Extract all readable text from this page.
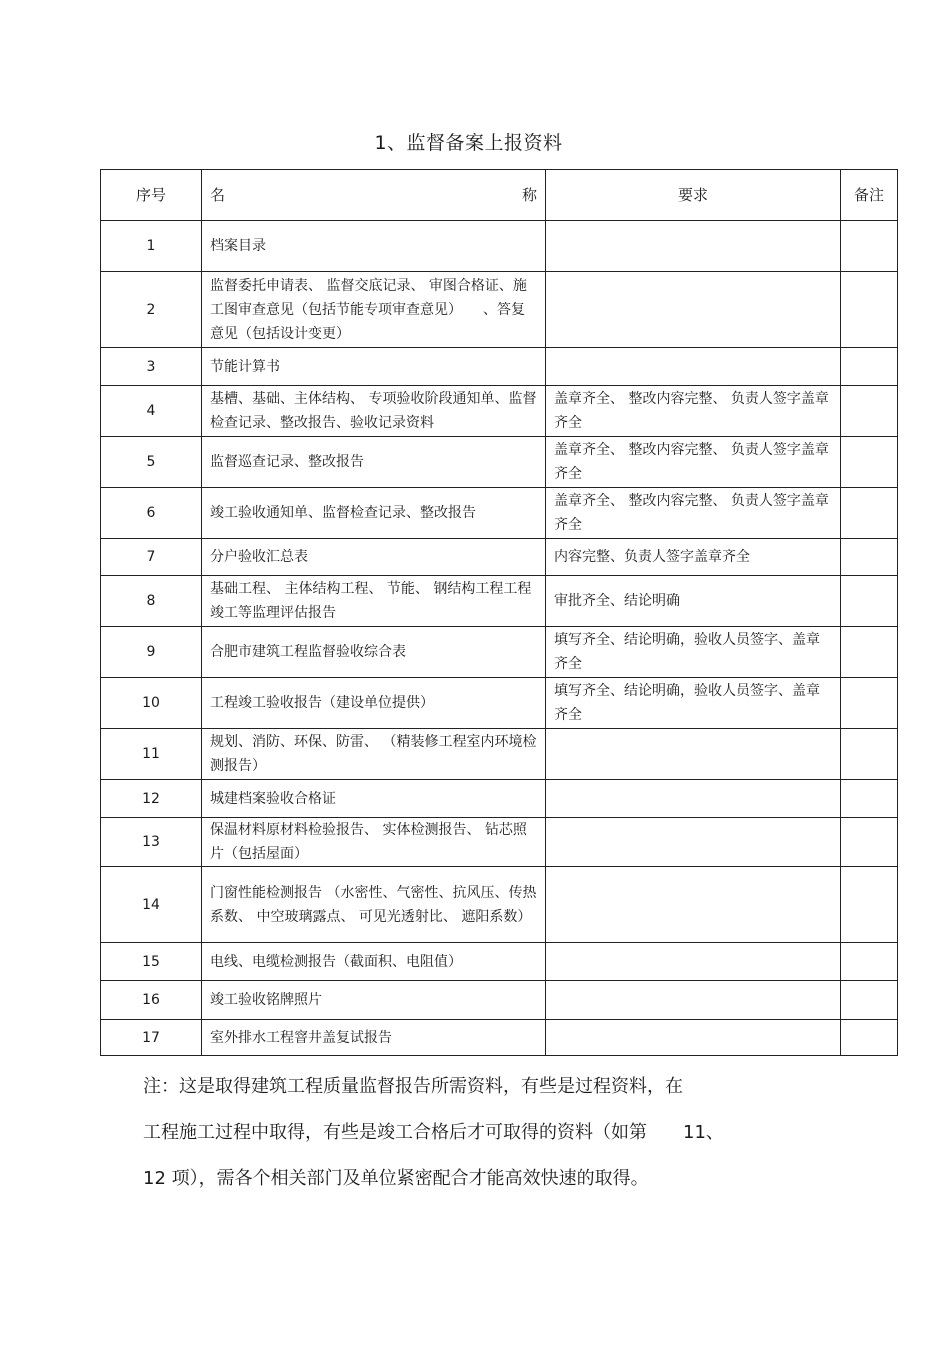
1、监督备案上报资料
序号	名 称	要求	备注
1	档案目录		
2	监督委托申请表、 监督交底记录、 审图合格证、施工图审查意见（包括节能专项审查意见）　　、答复意见（包括设计变更）		
3	节能计算书		
4	基槽、基础、主体结构、 专项验收阶段通知单、监督检查记录、整改报告、验收记录资料	盖章齐全、 整改内容完整、 负责人签字盖章齐全	
5	监督巡查记录、整改报告	盖章齐全、 整改内容完整、 负责人签字盖章齐全	
6	竣工验收通知单、监督检查记录、整改报告	盖章齐全、 整改内容完整、 负责人签字盖章齐全	
7	分户验收汇总表	内容完整、负责人签字盖章齐全	
8	基础工程、 主体结构工程、 节能、 钢结构工程工程竣工等监理评估报告	审批齐全、结论明确	
9	合肥市建筑工程监督验收综合表	填写齐全、结论明确，验收人员签字、盖章齐全	
10	工程竣工验收报告（建设单位提供）	填写齐全、结论明确，验收人员签字、盖章齐全	
11	规划、消防、环保、防雷、 （精装修工程室内环境检测报告）		
12	城建档案验收合格证		
13	保温材料原材料检验报告、 实体检测报告、 钻芯照片（包括屋面）		
14	门窗性能检测报告 （水密性、气密性、抗风压、传热系数、 中空玻璃露点、 可见光透射比、 遮阳系数）		
15	电线、电缆检测报告（截面积、电阻值）		
16	竣工验收铭牌照片		
17	室外排水工程窨井盖复试报告		

注：这是取得建筑工程质量监督报告所需资料，有些是过程资料，在

工程施工过程中取得，有些是竣工合格后才可取得的资料（如第　　11、

12 项），需各个相关部门及单位紧密配合才能高效快速的取得。
